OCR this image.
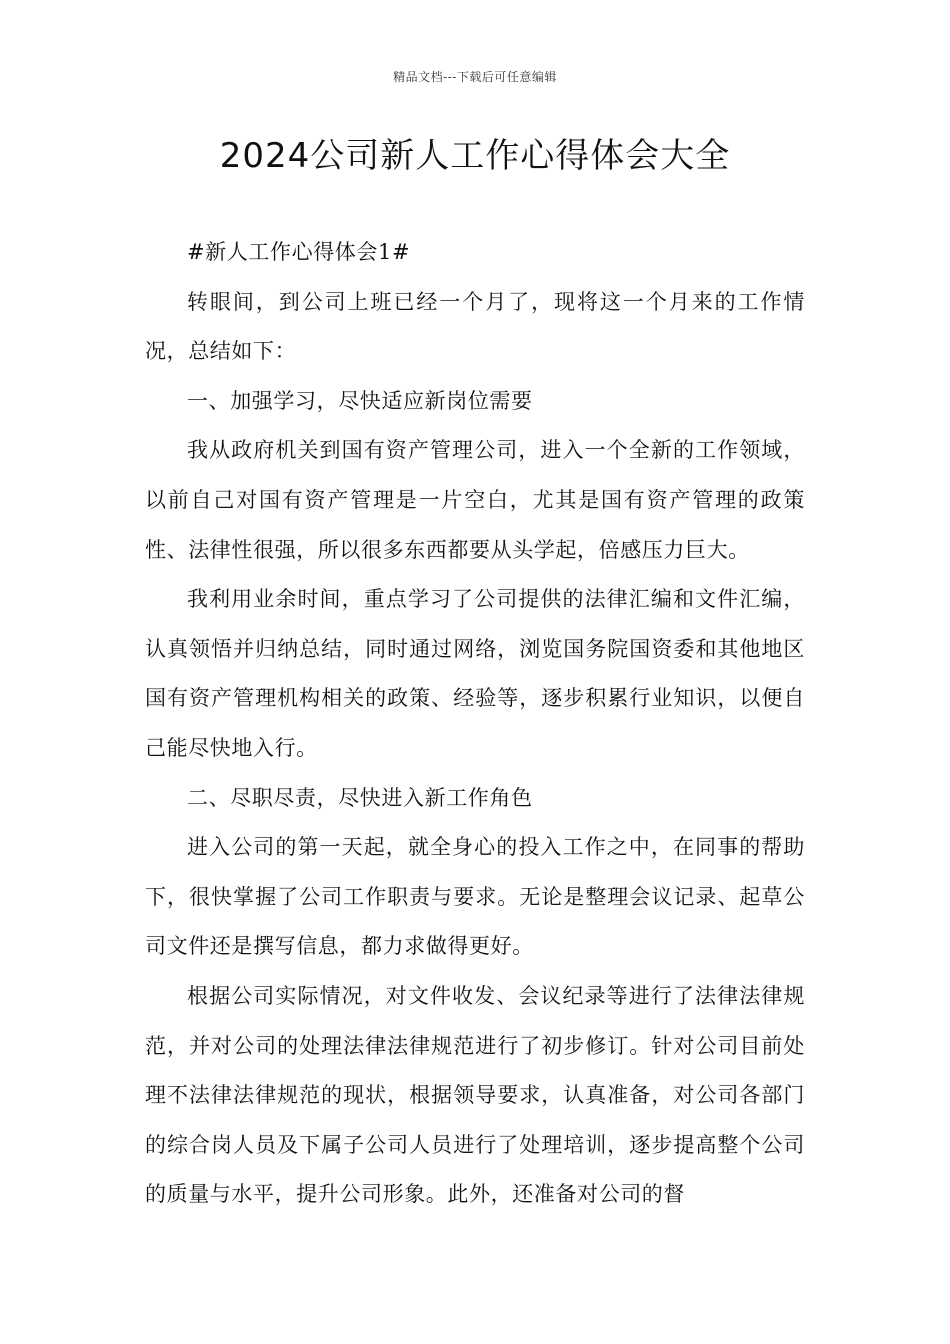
精品文档---下载后可任意编辑
2024公司新人工作心得体会大全

#新人工作心得体会1#

转眼间，到公司上班已经一个月了，现将这一个月来的工作情况，总结如下：

一、加强学习，尽快适应新岗位需要

我从政府机关到国有资产管理公司，进入一个全新的工作领域，以前自己对国有资产管理是一片空白，尤其是国有资产管理的政策性、法律性很强，所以很多东西都要从头学起，倍感压力巨大。

我利用业余时间，重点学习了公司提供的法律汇编和文件汇编，认真领悟并归纳总结，同时通过网络，浏览国务院国资委和其他地区国有资产管理机构相关的政策、经验等，逐步积累行业知识，以便自己能尽快地入行。

二、尽职尽责，尽快进入新工作角色

进入公司的第一天起，就全身心的投入工作之中，在同事的帮助下，很快掌握了公司工作职责与要求。无论是整理会议记录、起草公司文件还是撰写信息，都力求做得更好。

根据公司实际情况，对文件收发、会议纪录等进行了法律法律规范，并对公司的处理法律法律规范进行了初步修订。针对公司目前处理不法律法律规范的现状，根据领导要求，认真准备，对公司各部门的综合岗人员及下属子公司人员进行了处理培训，逐步提高整个公司的质量与水平，提升公司形象。此外，还准备对公司的督
